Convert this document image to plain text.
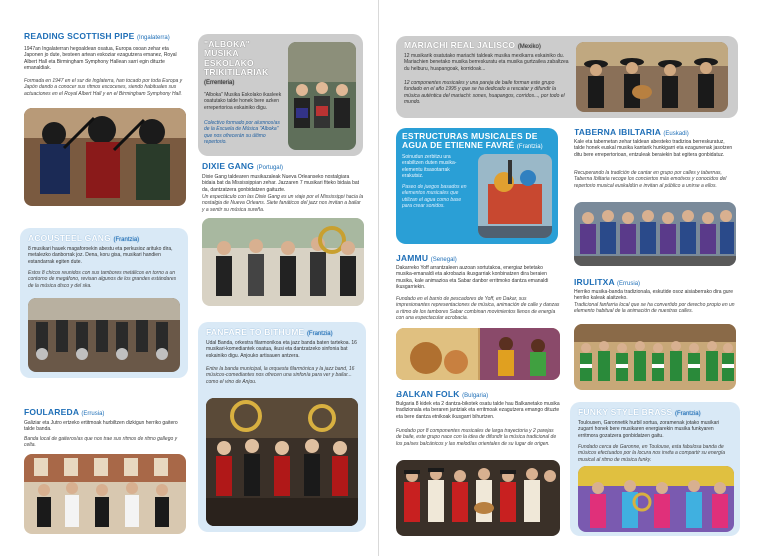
READING SCOTTISH PIPE (Ingalaterra)

1947an Ingalaterran hegoaldean osatua, Europa osoan zehar eta Japonen jo dute, besteen artean eskoziar ezagutzera emanez, Royal Albert Hall eta Birmingham Symphony Hallean sarri egin dituzte emanaldiak.

Formada en 1947 en el sur de Inglaterra, han tocado por toda Europa y Japón dando a conocer sus ritmos escoceses, siendo habituales sus actuaciones en el Royal Albert Hall y en el Birmingham Symphony Hall.

"ALBOKA" MUSIKA ESKOLAKO TRIKITILARIAK (Errenteria)

"Alboka" Musika Eskolako ikasleek osatutako talde honek bere azken errepertorioa eskainiko digu.

Colectivo formado por alumnos/as de la Escuela de Música "Alboka" que nos ofrecerán su último repertorio.

DIXIE GANG (Portugal)

Dixie Gang taldearen musikazaleak Nueva Orleanseko nostalgiara bidaia bat da Mississippian zehar. Jazzaren 7 musikari fiteko bidaia bat da, dantzatzera gonbidatzen gaituzte.

Un espectáculo con las Dixie Gang es un viaje por el Mississippi hacia la nostalgia de Nueva Orleans. Siete fanáticos del jazz nos invitan a bailar y a sentir su música sureña.

ACOUSTEEL GANG (Frantzia)

8 musikari hauek magaforoekin abestu eta perkusioz arituko dira, metalezko danborrak joz. Dena, koru gisa, musikari handien estandarrak egiten dute.

Estos 8 chicos reunidos con sus tambores metálicos en torno a un contorno de megáfono, revisan algunos de los grandes estándares de la música disco y del ska.

FANFARE TO BITHUME (Frantzia)

Udal Banda, orkestra filarmonikoa eta jazz banda baten tartekoa. 16 musikari-komediantek osatua, ikusi eta dantzatzeko sinfonia bat eskainiko digu. Anjouko artisauen antzera.

Entre la banda municipal, la orquesta filarmónica y la jazz band, 16 músicos-comediantes nos ofrecen una sinfonía para ver y bailar... como el vino de Anjou.

FOULAREDA (Errusia)

Galiziar eta Jutro ertzeko ertitmoak hurbiltzen dizkigun herriko gaitero talde banda.

Banda local de gaiteros/as que nos trae sus ritmos de ritmo gallego y celta.

MARIACHI REAL JALISCO (Mexiko)

12 musikarik osatutako mariachi taldeak musika mexikarra eskainiko du. Mariachien benetako musika berreskuratu eta musika gurtzailea zabaltzea du helburu, huapangoak, korridoak...

12 componentes musicales y una pareja de baile forman este grupo fundado en el año 1995 y que se ha dedicado a rescatar y difundir la música auténtica del mariachi: sones, huapangos, corridos..., por todo el mundo.

ESTRUCTURAS MUSICALES DE AGUA DE ETIENNE FAVRÉ (Frantzia)

Soinudun zerbitzu ura erabiltzen duten musika-elementu itsasotarrak erakutsiz.

Paseo de juegos basados en elementos musicales que utilizan el agua como base para crear sonidos.

TABERNA IBILTARIA (Euskadi)

Kale eta tabernetan zehar taldean abesteko tradizioa berreskuratuz, talde honek euskal musika kantarik hunkigarri eta ezagunenak jasotzen ditu bere errepertorioan, entzuleak beraiekin bat egitera gonbidatuz.

Recuperando la tradición de cantar en grupo por calles y tabernas, Taberna Ibiltaria recoge los conciertos más emotivos y conocidos del repertorio musical euskaldún e invitan al público a unirse a ellos.

JAMMU (Senegal)

Dakarreko Yoff arrantzaleen auzoan sortutakoa, energiaz betetako musika-emanaldi eta akrobazia ikusgarriak konbinatzen dira beraien musika, kale animazioa eta Sabar danbor erritmoko dantza emanaldi ikusgarriekin.

Fundado en el barrio de pescadores de Yoff, en Dakar, sus impresionantes representaciones de música, animación de calle y danzas a ritmo de los tambores Sabar combinan movimientos llenos de energía con una espectacular acrobacia.

IRULITXA (Errusia)

Herriko musika-banda tradizionala, eskutide osoz aisiaberrako dira gure herriko kaleak alaitzeko.

Tradicional fanfarria local que se ha convertido por derecho propio en un elemento habitual de la animación de nuestras calles.

BALKAN FOLK (Bulgaria)

Bulgaria 8 kidek eta 2 dantza-bikotek osatu talde hau Balkanetako musika tradizionala eta beraren jantziak eta erritmoak ezagutzera emango dituzte eta bere dantza etnikoak ikusgarri bihurtzen.

Fundado por 8 componentes musicales de larga trayectoria y 2 parejas de baile, este grupo nace con la idea de difundir la música tradicional de los países balcánicos y las melodías orientales de su lugar de origen.

FUNKY STYLE BRASS (Frantzia)

Toulousen, Garonnetik hurbil sortua, zoramenak jotako musikari zugarri honek bere musikaren energiarekin musika funkyaren erritmora gozatzera gonbidatzen gaitu.

Fundado cerca de Garonne, en Toulouse, esta fabulosa banda de músicos efectuados por la locura nos invita a compartir su energía musical al ritmo de música funky.
